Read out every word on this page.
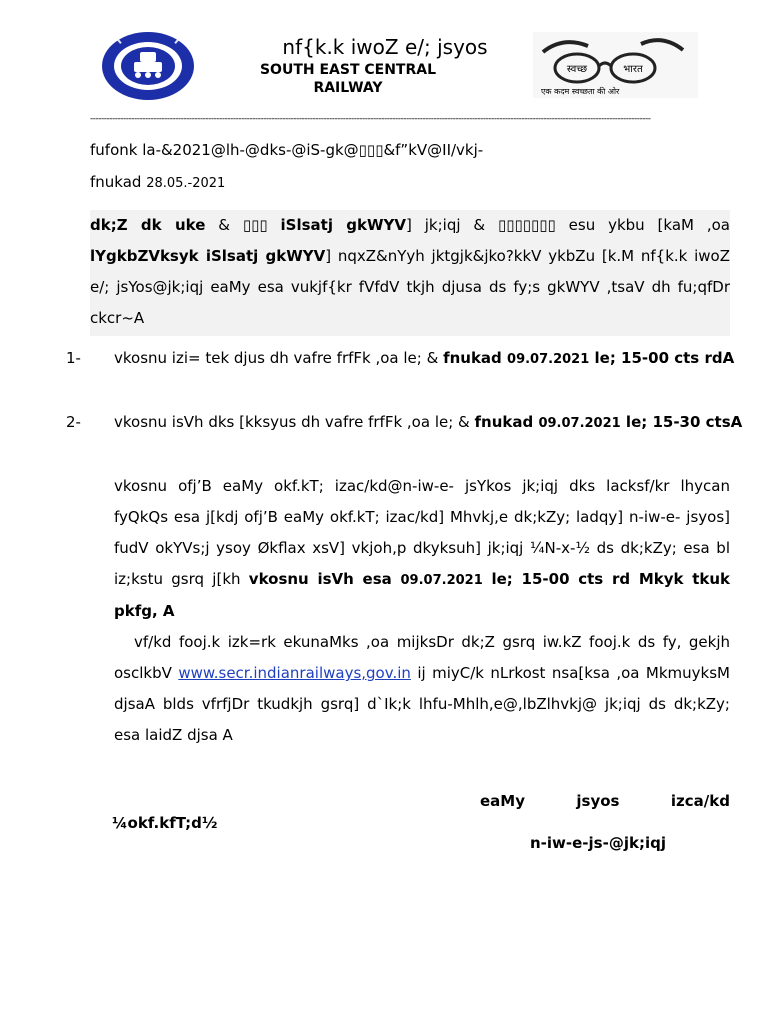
nf{k.k iwoZ e/; jsyos
SOUTH EAST CENTRAL
RAILWAY
स्वच्छ	भारत
एक कदम स्वच्छता की ओर
------------------------------------------------------------------------------------------------------------------------------------------------------------------------------------------------------------
fufonk la-&2021@lh-@dks-@iS-gk@▯▯▯&f”kV@II/vkj-
fnukad 28.05.-2021
dk;Z dk uke & ▯▯▯ iSlsatj gkWYV] jk;iqj & ▯▯▯▯▯▯▯ esu ykbu [kaM ,oa lYgkbZVksyk iSlsatj gkWYV] nqxZ&nYyh jktgjk&jko?kkV ykbZu [k.M nf{k.k iwoZ e/; jsYos@jk;iqj eaMy esa vukjf{kr fVfdV tkjh djusa ds fy;s gkWYV ,tsaV dh fu;qfDr ckcr~A
1- vkosnu izi= tek djus dh vafre frfFk ,oa le; & fnukad 09.07.2021 le; 15-00 cts rdA
2- vkosnu isVh dks [kksyus dh vafre frfFk ,oa le; & fnukad 09.07.2021 le; 15-30 ctsA
vkosnu ofj’B eaMy okf.kT; izac/kd@n-iw-e- jsYkos jk;iqj dks lacksf/kr lhycan fyQkQs esa j[kdj ofj’B eaMy okf.kT; izac/kd] Mhvkj,e dk;kZy; ladqy] n-iw-e- jsyos] fudV okYVs;j ysoy Økflax xsV] vkjoh,p dkyksuh] jk;iqj ¼N-x-½ ds dk;kZy; esa bl iz;kstu gsrq j[kh vkosnu isVh esa 09.07.2021 le; 15-00 cts rd Mkyk tkuk pkfg, A
vf/kd fooj.k izk=rk ekunaMks ,oa mijksDr dk;Z gsrq iw.kZ fooj.k ds fy, gekjh osclkbV www.secr.indianrailways,gov.in ij miyC/k nLrkost nsa[ksa ,oa MkmuyksM djsaA blds vfrfjDr tkudkjh gsrq] d`Ik;k lhfu-Mhlh,e@,lbZlhvkj@ jk;iqj ds dk;kZy; esa laidZ djsa A
eaMy	jsyos	izca/kd
¼okf.kfT;d½
n-iw-e-js-@jk;iqj
